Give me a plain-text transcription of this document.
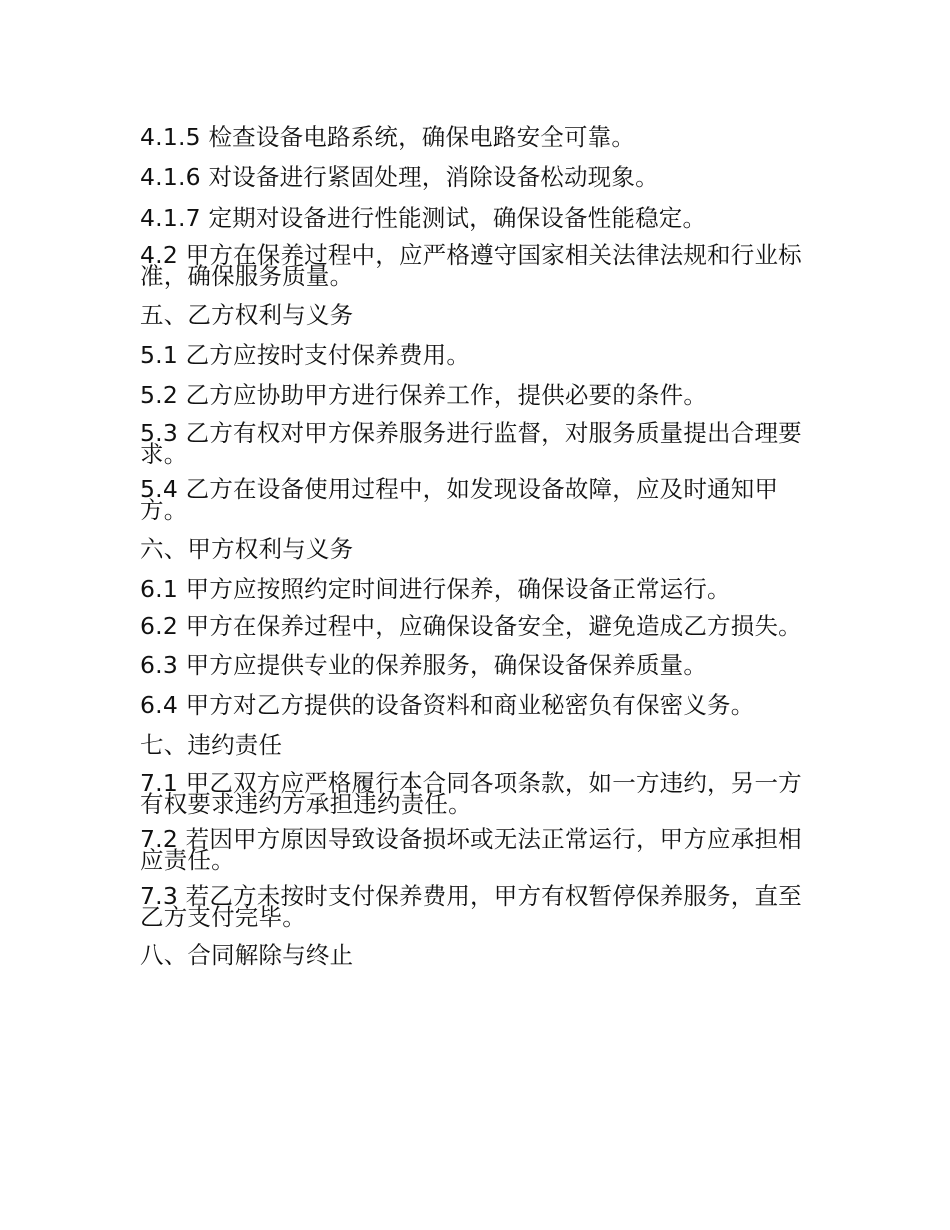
4.1.5 检查设备电路系统，确保电路安全可靠。

4.1.6 对设备进行紧固处理，消除设备松动现象。

4.1.7 定期对设备进行性能测试，确保设备性能稳定。

4.2 甲方在保养过程中，应严格遵守国家相关法律法规和行业标准，确保服务质量。

五、乙方权利与义务

5.1 乙方应按时支付保养费用。

5.2 乙方应协助甲方进行保养工作，提供必要的条件。

5.3 乙方有权对甲方保养服务进行监督，对服务质量提出合理要求。

5.4 乙方在设备使用过程中，如发现设备故障，应及时通知甲方。

六、甲方权利与义务

6.1 甲方应按照约定时间进行保养，确保设备正常运行。

6.2 甲方在保养过程中，应确保设备安全，避免造成乙方损失。

6.3 甲方应提供专业的保养服务，确保设备保养质量。

6.4 甲方对乙方提供的设备资料和商业秘密负有保密义务。

七、违约责任

7.1 甲乙双方应严格履行本合同各项条款，如一方违约，另一方有权要求违约方承担违约责任。

7.2 若因甲方原因导致设备损坏或无法正常运行，甲方应承担相应责任。

7.3 若乙方未按时支付保养费用，甲方有权暂停保养服务，直至乙方支付完毕。

八、合同解除与终止
